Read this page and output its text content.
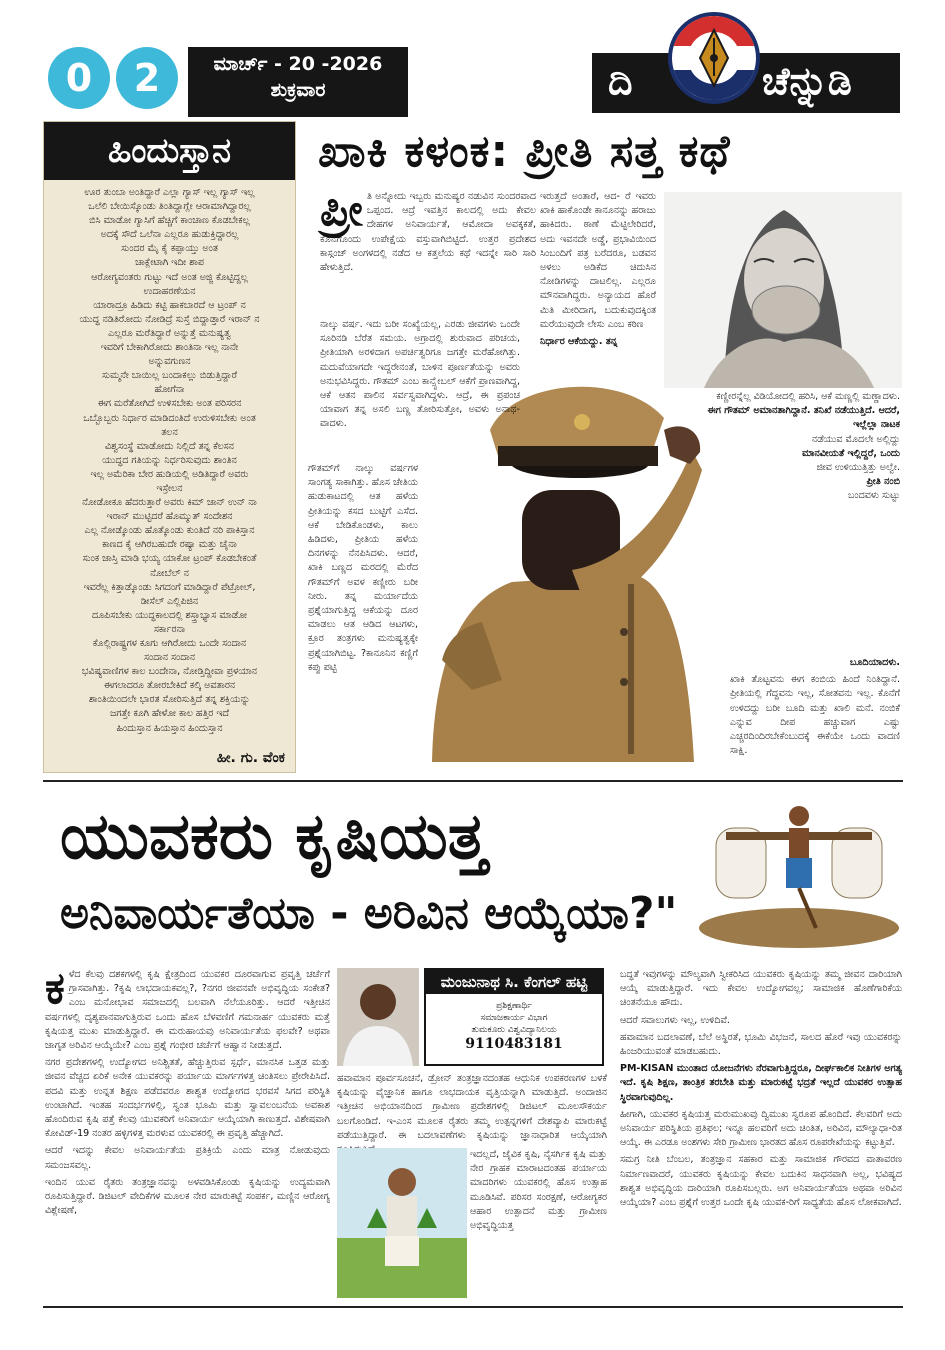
0	2	ಮಾರ್ಚ್ - 20 -2026
ಶುಕ್ರವಾರ	ದಿ	ಚೆನ್ನುಡಿ
ಹಿಂದುಸ್ತಾನ
ಊರ ತುಂಬಾ ಅಂತಿದ್ದಾರೆ ಎಲ್ಲಾ ಗ್ಯಾಸ್ ಇಲ್ಲ ಗ್ಯಾಸ್ ಇಲ್ಲ
ಒಲೆಲಿ ಬೇಯಿಸ್ಕೊಂಡು ತಿಂತಿದ್ದಾಗ್ಲೇ ಆರಾಮಾಗಿದ್ದಾರಲ್ಲ
ಬಿಸಿ ಮಾಡೋ ಗ್ಯಾಸಿಗೆ ಹೆಚ್ಚಿಗೆ ಕಾಂಚಾಣ ಕೊಡಬೇಕಲ್ಲ
ಅದಕ್ಕೆ ಸೌದೆ ಒಲೆನಾ ಎಲ್ಲರೂ ಹುಡುಕ್ತಿದ್ದಾರಲ್ಲ
ಸುಂದರ ಮೈ ಕೈ ಕಪ್ಪಾಯ್ತು ಅಂತ
ಚಾಕ್ಲೇಟಾಗಿ ಇದೀ ಶಾಪ
ಆರೋಗ್ಯವಂತರು ಗುಟ್ಟು ಇದೆ ಅಂತ ಅಜ್ಜಿ ಕೊಟ್ಟಿದ್ದಲ್ಲ
ಉದಾಹರಣೆಯನ
ಯಾರಾದ್ರೂ ಹಿಡಿದು ಕಟ್ಟಿ ಹಾಕಬಾರದೆ ಆ ಟ್ರಂಪ್ ನ
ಯುದ್ಧ ನಡಿತಿರೋದು ನೋಡಿದ್ರೆ ಸುಸ್ತೆ ಬಿದ್ದಾಡ್ತಾರೆ ಇರಾನ್ ನ
ಎಲ್ಲರೂ ಮರೆತಿದ್ದಾರೆ ಅನ್ನುತ್ತೆ ಮನುಷ್ಯತ್ವ
ಇವರಿಗೆ ಬೇಕಾಗಿರೋದು ಶಾಂತಿನಾ ಇಲ್ಲ ನಾನೇ
ಅನ್ನುವಗುಣನ
ಸುಮ್ಮನೇ ಬಾಯಿಲ್ಲ ಬಂದಾಕಲ್ಲು ಬಿಡುತ್ತಿದ್ದಾರೆ
ಹೋಗೆನಾ
ಈಗ ಮರೆತೋಗಿದೆ ಉಳಿಸಬೇಕು ಅಂತ ಪರಿಸರನ
ಒಬ್ಬೊಬ್ಬರು ನಿರ್ಧಾರ ಮಾಡಿದಂತಿದೆ ಉರುಳಿಸಬೇಕು ಅಂತ
ತಲನ
ವಿಶ್ವಸಂಸ್ಥೆ ಮಾಡೋದು ನಿಲ್ಲಿದೆ ತನ್ನ ಕೆಲಸನ
ಯುದ್ಧದ ಗತಿಯನ್ನು ನಿರ್ಧರಿಸುವುದು ಶಾಂತಿನ
ಇಲ್ಲ ಅಮೆರಿಕಾ ಬೇರ ಹುಡಿಯಲ್ಲಿ ಅಡಿತಿದ್ದಾರೆ ಅವರು
ಇಸ್ರೇಲನ
ನೋಡೋಕೂ ಹೆದರುತ್ತಾರೆ ಅವರು ಕಿಮ್ ಜಾನ್ ಉನ್ ನಾ
ಇರಾನ್ ಮುಟ್ಟಿದರೆ ಹೊಮ್ಮುತ್ ಸಂದೇಶನ
ಎಲ್ಲ ನೋಡ್ಕೊಂಡು ಹೊತ್ಕೊಂಡು ಕುಂತಿದೆ ನರಿ ಪಾಕಿಸ್ತಾನ
ಕಾಣದ ಕೈ ಆಗಿರಬಹುದೇ ರಷ್ಯಾ ಮತ್ತು ಚೈನಾ
ಸುಂಕ ಜಾಸ್ತಿ ಮಾಡಿ ಭಯ್ಯ ಯಾಕೋ ಟ್ರಂಪ್ ಕೊಡಬೇಕಂತೆ
ನೋಬೆಲ್ ನ
ಇವರೆಲ್ಲ ಕಿತ್ತಾಡ್ಕೊಂಡು ಸಿಗದಂಗೆ ಮಾಡಿದ್ದಾರೆ ಪೆಟ್ರೋಲ್,
ಡೀಸೆಲ್ ಎಲ್ಲಿಪಿಜಿನ
ದೂಪಿಸಬೇಕು ಯುದ್ಧಕಾಲದಲ್ಲಿ ಶಸ್ತ್ರಾಭ್ಯಾಸ ಮಾಡೋ
ಸರ್ಕಾರನಾ
ಕೊಲ್ಲಿರಾಷ್ಟ್ರಗಳ ಕೂಗು ಆಗಿರೋದು ಒಂದೇ ಸಂದಾನ
ಸಂದಾನ ಸಂದಾನ
ಭವಿಷ್ಯವಾಣಿಗಳ ಕಾಲ ಬಂದೇನಾ, ನೋಡ್ತಿದ್ದೀವಾ ಪ್ರಳಯಾನ
ಈಗಲಾದರೂ ತೋರಬೇಕಿದೆ ಕಲ್ಕಿ ಅವತಾರನ
ಶಾಂತಿಯಿಂದಲೇ ಭಾರತ ಸೋರಿಸುತ್ತಿದೆ ತನ್ನ ಶಕ್ತಿಯನ್ನು
ಜಗತ್ತೇ ಕೂಗಿ ಹೇಳೋ ಕಾಲ ಹತ್ತಿರ ಇದೆ
ಹಿಂದುಸ್ತಾನ ಹಿಯಸ್ತಾನ ಹಿಂದುಸ್ತಾನ
ಹೀ. ಗು. ವೆಂಕ
ಖಾಕಿ ಕಳಂಕ: ಪ್ರೀತಿ ಸತ್ತ ಕಥೆ
ಪ್ರೀ ತಿ ಅನ್ನೋದು ಇಬ್ಬರು ಮನುಷ್ಯರ ನಡುವಿನ ಸುಂದರವಾದ ಒಪ್ಪಂದ. ಆದ್ರೆ ಇವತ್ತಿನ ಕಾಲದಲ್ಲಿ ಅದು ಕೇವಲ ದೇಹಗಳ ಅನಿವಾರ್ಯತೆ, ಆಮೋದಾ ಅವಕ್ಕಕತೆ, ಕೊನೆಗೊಂದು ಉಪೇಕ್ಷೆಯ ವಸ್ತುವಾಗಿಬಿಟ್ಟಿದೆ. ಉತ್ತರ ಪ್ರದೇಶದ ಕಾಸ್ಗಂಜ್ ಅಂಗಳದಲ್ಲಿ ನಡೆದ ಆ ಕತ್ತಲೆಯ ಕಥೆ ಇದನ್ನೇ ಸಾರಿ ಸಾರಿ ಹೇಳುತ್ತಿದೆ.

ನಾಲ್ಕು ವರ್ಷ. ಇದು ಬರೀ ಸಂಖ್ಯೆಯಲ್ಲ, ಎರಡು ಜೀವಗಳು ಒಂದೇ ಸೂರಿನಡಿ ಬೆರೆತ ಸಮಯ. ಅಗ್ರಾದಲ್ಲಿ ಶುರುವಾದ ಪರಿಚಯ, ಪ್ರೀತಿಯಾಗಿ ಅರಳಿದಾಗ ಅಪರ್ಚಿತ್ವರಿಗೂ ಜಗತ್ತೇ ಮರೆಹೋಗಿತ್ತು. ಮದುವೆಯಾಗದೇ ಇದ್ದರೇನಂತೆ, ಬಾಳಿನ ಪೂರ್ಣತೆಯನ್ನು ಅವರು ಅನುಭವಿಸಿದ್ದರು. ಗೌತಮ್ ಎಂಬ ಕಾನ್ಸ್ಟೇಬಲ್ ಆಕೆಗೆ ಪ್ರಾಣವಾಗಿದ್ದ, ಆಕೆ ಆತನ ಪಾಲಿನ ಸರ್ವಸ್ವವಾಗಿದ್ದಳು. ಆದ್ರೆ, ಈ ಪ್ರಪಂಚ ಯಾವಾಗ ತನ್ನ ಅಸಲಿ ಬಣ್ಣ ತೋರಿಸುತ್ತೋ, ಅವಳು ಅನಾಥ-ವಾದಳು.

ಗೌತಮ್‌ಗೆ ನಾಲ್ಕು ವರ್ಷಗಳ ಸಾಂಗತ್ಯ ಸಾಕಾಗಿತ್ತು. ಹೊಸ ಚೇತಿಯ ಹುಡುಕಾಟದಲ್ಲಿ ಆತ ಹಳೆಯ ಪ್ರೀತಿಯನ್ನು ಕಸದ ಬುಟ್ಟಿಗೆ ಎಸೆದ. ಆಕೆ ಬೇಡಿಕೊಂಡಳು, ಕಾಲು ಹಿಡಿದಳು, ಪ್ರೀತಿಯ ಹಳೆಯ ದಿನಗಳನ್ನು ನೆನಪಿಸಿದಳು. ಆದರೆ, ಖಾಕಿ ಬಣ್ಣದ ಮರದಲ್ಲಿ ಮೆರೆದ ಗೌತಮ್‌ಗೆ ಅವಳ ಕಣ್ಣೀರು ಬರೀ ನೀರು. ತನ್ನ ಮರ್ಯಾದೆಯ ಪ್ರಶ್ನೆಯಾಗುತ್ತಿದ್ದ ಆಕೆಯನ್ನು ದೂರ ಮಾಡಲು ಆತ ಆಡಿದ ಆಟಗಳು, ಕ್ರೂರ ತಂತ್ರಗಳು ಮನುಷ್ಯತ್ವಕ್ಕೇ ಪ್ರಶ್ನೆಯಾಗಿಬಿಟ್ಟ. ?ಕಾನೂನಿನ ಕಣ್ಣಿಗೆ ಕಪ್ಪು ಪಟ್ಟಿ

ಇರುತ್ತದೆ ಅಂತಾರೆ, ಆದ- ರೆ ಇವರು ಖಾಕಿ ಹಾಕೊಂಡೇ ಕಾನೂನನ್ನು ಹರಾಜು ಹಾಕಿದರು. ಠಾಣೆ ಮೆಟ್ಟಿಲೇರಿದರೆ, ಅದು ಇವನದೇ ಅಡ್ಡೆ, ಪ್ರಭಾವಿಯಿಂದ ಸಿಂಬಂದಿಗೆ ಪತ್ರ ಬರೆದರೂ, ಬಡವನ ಅಳಲು ಅಡಿಕೆದ ಚಿದುಸಿನ ನೋಡಿಗಳನ್ನು ದಾಟಲಿಲ್ಲ. ಎಲ್ಲರೂ ಮೌನವಾಗಿದ್ದರು. ಅನ್ಯಾಯದ ಹೊರೆ ಮಿತಿ ಮೀರಿದಾಗ, ಬದುಕುವುದಕ್ಕಿಂತ ಮರೆಯುವುದೇ ಲೇಸು ಎಂಬ ಕಠಿಣ

ನಿರ್ಧಾರ ಆಕೆಯದ್ದು. ತನ್ನ

ಕಣ್ಣೀರನ್ನೆಲ್ಲ ವಿಡಿಯೋದಲ್ಲಿ ಹರಿಸಿ, ಆಕೆ ಮಣ್ಣಲ್ಲಿ ಮಣ್ಣಾದಳು.
ಈಗ ಗೌತಮ್ ಅಮಾನತಾಗಿದ್ದಾನೆ. ತನಿಖೆ ನಡೆಯುತ್ತಿದೆ. ಆದರೆ, ಇಲ್ಲೆಲ್ಲಾ ನಾಟಕ
ನಡೆಯುವ ಮೊದಲೇ ಅಲ್ಲಿದ್ದು
ಮಾನವೀಯತೆ ಇಲ್ಲಿದ್ದರೆ, ಒಂದು
ಜೀವ ಉಳಿಯುತ್ತಿತ್ತು ಅಲ್ವೇ.
ಪ್ರೀತಿ ನಂಬಿ
ಬಂದವಳು ಸುಟ್ಟು

ಬೂದಿಯಾದಳು.

ಖಾಕಿ ತೊಟ್ಟವನು ಈಗ ಕಂಬಿಯ ಹಿಂದೆ ನಿಂತಿದ್ದಾನೆ. ಪ್ರೀತಿಯಲ್ಲಿ ಗೆದ್ದವನು ಇಲ್ಲ, ಸೋತವನು ಇಲ್ಲ. ಕೊನೆಗೆ ಉಳಿದದ್ದು ಬರೀ ಬೂದಿ ಮತ್ತು ಖಾಲಿ ಮನೆ. ನಂಬಿಕೆ ಎನ್ನುವ ದೀಪ ಹಚ್ಚುವಾಗ ಎಷ್ಟು ಎಚ್ಚರದಿಂದಿರಬೇಕೆಂಬುದಕ್ಕೆ ಈಕೆಯೇ ಒಂದು ವಾದಣಿ ಸಾಕ್ಷಿ.

ಯುವಕರು ಕೃಷಿಯತ್ತ
ಅನಿವಾರ್ಯತೆಯಾ - ಅರಿವಿನ ಆಯ್ಕೆಯಾ?"
ಕ ಳೆದ ಕೆಲವು ದಶಕಗಳಲ್ಲಿ ಕೃಷಿ ಕ್ಷೇತ್ರದಿಂದ ಯುವಕರ ದೂರವಾಗುವ ಪ್ರವೃತ್ತಿ ಚರ್ಚೆಗೆ ಗ್ರಾಸವಾಗಿತ್ತು. ?ಕೃಷಿ ಲಾಭದಾಯಕವಲ್ಲ?, ?ನಗರ ಜೀವನವೇ ಅಭಿವೃದ್ಧಿಯ ಸಂಕೇತ? ಎಂಬ ಮನೋಭಾವ ಸಮಾಜದಲ್ಲಿ ಬಲವಾಗಿ ನೆಲೆಯೂರಿತ್ತು. ಆದರೆ ಇತ್ತೀಚಿನ ವರ್ಷಗಳಲ್ಲಿ ದೃಶ್ಯಪಾನವಾಗುತ್ತಿರುವ ಒಂದು ಹೊಸ ಬೆಳವಣಿಗೆ ಗಮನಾರ್ಹ ಯುವಕರು ಮತ್ತೆ ಕೃಷಿಯತ್ತ ಮುಖ ಮಾಡುತ್ತಿದ್ದಾರೆ. ಈ ಮರುಹಾಯವು ಅನಿವಾರ್ಯತೆಯ ಫಲವೇ? ಅಥವಾ ಜಾಗೃತ ಅರಿವಿನ ಆಯ್ಕೆಯೇ? ಎಂಬ ಪ್ರಶ್ನೆ ಗಂಭೀರ ಚರ್ಚೆಗೆ ಆಹ್ವಾನ ನೀಡುತ್ತದೆ.

ನಗರ ಪ್ರದೇಶಗಳಲ್ಲಿ ಉದ್ಯೋಗದ ಅನಿಶ್ಚಿತತೆ, ಹೆಚ್ಚುತ್ತಿರುವ ಸ್ಪರ್ಧೆ, ಮಾನಸಿಕ ಒತ್ತಡ ಮತ್ತು ಜೀವನ ವೆಚ್ಚದ ಏರಿಕೆ ಅನೇಕ ಯುವಕರನ್ನು ಪರ್ಯಾಯ ಮಾರ್ಗಗಳತ್ತ ಚಿಂತಿಸಲು ಪ್ರೇರೇಪಿಸಿದೆ. ಪದವಿ ಮತ್ತು ಉನ್ನತ ಶಿಕ್ಷಣ ಪಡೆದವರೂ ಶಾಶ್ವತ ಉದ್ಯೋಗದ ಭರವಸೆ ಸಿಗದ ಪರಿಸ್ಥಿತಿ ಉಂಟಾಗಿದೆ. ಇಂತಹ ಸಂದರ್ಭಗಳಲ್ಲಿ, ಸ್ವಂತ ಭೂಮಿ ಮತ್ತು ಸ್ವಾವಲಂಬನೆಯ ಅವಕಾಶ ಹೊಂದಿರುವ ಕೃಷಿ ಪತ್ತೆ ಕೆಲವು ಯುವಕರಿಗೆ ಅನಿವಾರ್ಯ ಆಯ್ಕೆಯಾಗಿ ಕಾಣುತ್ತದೆ. ವಿಶೇಷವಾಗಿ ಕೋವಿಡ್-19 ನಂತರ ಹಳ್ಳಿಗಳತ್ತ ಮರಳುವ ಯುವಕರಲ್ಲಿ ಈ ಪ್ರವೃತ್ತಿ ಹೆಚ್ಚಾಗಿದೆ.

ಆದರೆ ಇದನ್ನು ಕೇವಲ ಅನಿವಾರ್ಯತೆಯ ಪ್ರತಿಕ್ರಿಯೆ ಎಂದು ಮಾತ್ರ ನೋಡುವುದು ಸಮಂಜಸವಲ್ಲ.

ಇಂದಿನ ಯುವ ರೈತರು ತಂತ್ರಜ್ಞಾನವನ್ನು ಅಳವಡಿಸಿಕೊಂಡು ಕೃಷಿಯನ್ನು ಉದ್ಯಮವಾಗಿ ರೂಪಿಸುತ್ತಿದ್ದಾರೆ. ಡಿಜಿಟಲ್ ವೇದಿಕೆಗಳ ಮೂಲಕ ನೇರ ಮಾರುಕಟ್ಟೆ ಸಂಪರ್ಕ, ಮಣ್ಣಿನ ಆರೋಗ್ಯ ವಿಶ್ಲೇಷಣೆ,

ಮಂಜುನಾಥ ಸಿ. ಕೆಂಗಲ್ ಹಟ್ಟಿ
ಪ್ರಶಿಕ್ಷಣಾರ್ಥಿ
ಸಮಾಜಕಾರ್ಯ ವಿಭಾಗ
ತುಮಕೂರು ವಿಶ್ವವಿದ್ಯಾನಿಲಯ
9110483181

ಹವಾಮಾನ ಪೂರ್ವಸೂಚನೆ, ಡ್ರೋನ್ ತಂತ್ರಜ್ಞಾನದಂತಹ ಆಧುನಿಕ ಉಪಕರಣಗಳ ಬಳಕೆ ಕೃಷಿಯನ್ನು ವೈಜ್ಞಾನಿಕ ಹಾಗೂ ಲಾಭದಾಯಕ ವೃತ್ತಿಯನ್ನಾಗಿ ಮಾಡುತ್ತಿದೆ. ಅಂದಾಜಿನ ಇತ್ತೀಚಿನ ಅಭಿಯಾನದಿಂದ ಗ್ರಾಮೀಣ ಪ್ರದೇಶಗಳಲ್ಲಿ ಡಿಜಿಟಲ್ ಮೂಲಸೌಕರ್ಯ ಬಲಗೊಂಡಿದೆ. ಇ-ಎಂಸ ಮೂಲಕ ರೈತರು ತಮ್ಮ ಉತ್ಪನ್ನಗಳಿಗೆ ದೇಶವ್ಯಾಪಿ ಮಾರುಕಟ್ಟೆ ಪಡೆಯುತ್ತಿದ್ದಾರೆ. ಈ ಬದಲಾವಣೆಗಳು ಕೃಷಿಯನ್ನು ಜ್ಞಾನಾಧಾರಿತ ಆಯ್ಕೆಯಾಗಿ

ಇದಲ್ಲದೆ, ಜೈವಿಕ ಕೃಷಿ, ನೈಸರ್ಗಿಕ ಕೃಷಿ ಮತ್ತು ನೇರ ಗ್ರಾಹಕ ಮಾರಾಟದಂತಹ ಪರ್ಯಾಯ ಮಾದರಿಗಳು ಯುವಕರಲ್ಲಿ ಹೊಸ ಉತ್ಸಾಹ ಮೂಡಿಸಿವೆ. ಪರಿಸರ ಸಂರಕ್ಷಣೆ, ಆರೋಗ್ಯಕರ ಆಹಾರ ಉತ್ಪಾದನೆ ಮತ್ತು ಗ್ರಾಮೀಣ ಅಭಿವೃದ್ಧಿಯತ್ತ

ಬದ್ಧತೆ ಇವುಗಳನ್ನು ಮೌಲ್ಯವಾಗಿ ಸ್ವೀಕರಿಸಿದ ಯುವಕರು ಕೃಷಿಯನ್ನು ತಮ್ಮ ಜೀವನ ದಾರಿಯಾಗಿ ಆಯ್ಕೆ ಮಾಡುತ್ತಿದ್ದಾರೆ. ಇದು ಕೇವಲ ಉದ್ಯೋಗವಲ್ಲ; ಸಾಮಾಜಿಕ ಹೊಣೆಗಾರಿಕೆಯ ಚಿಂತನೆಯೂ ಹೌದು.

ಆದರೆ ಸವಾಲುಗಳು ಇಲ್ಲ, ಉಳಿದಿವೆ.

ಹವಾಮಾನ ಬದಲಾವಣೆ, ಬೆಲೆ ಅಸ್ಥಿರತೆ, ಭೂಮಿ ವಿಭಜನೆ, ಸಾಲದ ಹೊರೆ ಇವು ಯುವಕರನ್ನು ಹಿಂಜರಿಯುವಂತೆ ಮಾಡಬಹುದು.

PM-KISAN ಮುಂತಾದ ಯೋಜನೆಗಳು ನೆರವಾಗುತ್ತಿದ್ದರೂ, ದೀರ್ಘಕಾಲಿಕ ನೀತಿಗಳ ಅಗತ್ಯ ಇದೆ. ಕೃಷಿ ಶಿಕ್ಷಣ, ತಾಂತ್ರಿಕ ತರಬೇತಿ ಮತ್ತು ಮಾರುಕಟ್ಟೆ ಭದ್ರತೆ ಇಲ್ಲದೆ ಯುವಕರ ಉತ್ಸಾಹ ಸ್ಥಿರವಾಗುವುದಿಲ್ಲ.

ಹೀಗಾಗಿ, ಯುವಕರ ಕೃಷಿಯತ್ತ ಮರುಮುಖವು ದ್ವಿಮುಖ ಸ್ವರೂಪ ಹೊಂದಿದೆ. ಕೆಲವರಿಗೆ ಅದು ಅನಿವಾರ್ಯ ಪರಿಸ್ಥಿತಿಯ ಪ್ರತಿಫಲ; ಇನ್ನೂ ಹಲವರಿಗೆ ಅದು ಚಿಂತಿತ, ಅರಿವಿನ, ಮೌಲ್ಯಾಧಾ-ರಿತ ಆಯ್ಕೆ. ಈ ಎರಡೂ ಅಂಶಗಳು ಸೇರಿ ಗ್ರಾಮೀಣ ಭಾರತದ ಹೊಸ ರೂಪರೇಖೆಯನ್ನು ಕಟ್ಟುತ್ತಿವೆ.

ಸಮಗ್ರ ನೀತಿ ಬೆಂಬಲ, ತಂತ್ರಜ್ಞಾನ ಸಹಕಾರ ಮತ್ತು ಸಾಮಾಜಿಕ ಗೌರವದ ವಾತಾವರಣ ನಿರ್ಮಾಣವಾದರೆ, ಯುವಕರು ಕೃಷಿಯನ್ನು ಕೇವಲ ಬದುಕಿನ ಸಾಧನವಾಗಿ ಅಲ್ಲ, ಭವಿಷ್ಯದ ಶಾಶ್ವತ ಅಭಿವೃದ್ಧಿಯ ದಾರಿಯಾಗಿ ರೂಪಿಸಬಲ್ಲರು. ಅಗ ಅನಿವಾರ್ಯತೆಯಾ ಅಥವಾ ಅರಿವಿನ ಆಯ್ಕೆಯಾ? ಎಂಬ ಪ್ರಶ್ನೆಗೆ ಉತ್ತರ ಒಂದೇ ಕೃಷಿ ಯುವಕ-ರಿಗೆ ಸಾಧ್ಯತೆಯ ಹೊಸ ಲೋಕವಾಗಿದೆ.
